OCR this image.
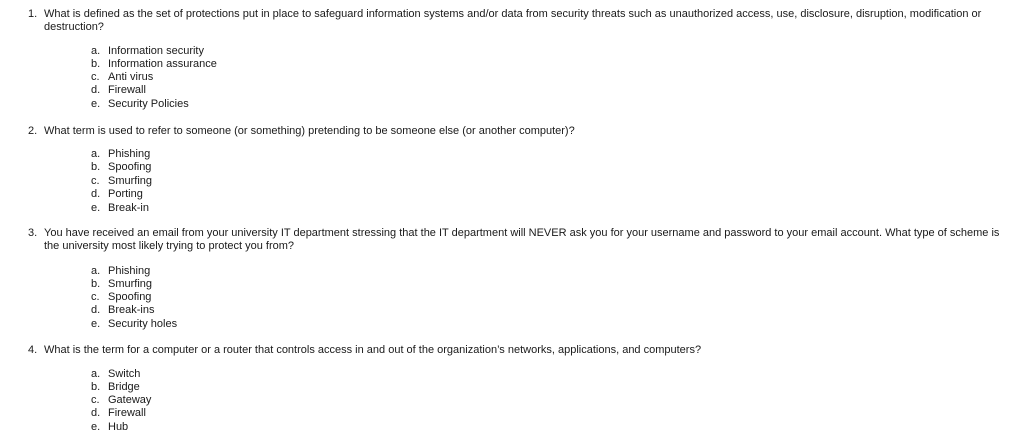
1. What is defined as the set of protections put in place to safeguard information systems and/or data from security threats such as unauthorized access, use, disclosure, disruption, modification or destruction?
a. Information security
b. Information assurance
c. Anti virus
d. Firewall
e. Security Policies
2. What term is used to refer to someone (or something) pretending to be someone else (or another computer)?
a. Phishing
b. Spoofing
c. Smurfing
d. Porting
e. Break-in
3. You have received an email from your university IT department stressing that the IT department will NEVER ask you for your username and password to your email account. What type of scheme is the university most likely trying to protect you from?
a. Phishing
b. Smurfing
c. Spoofing
d. Break-ins
e. Security holes
4. What is the term for a computer or a router that controls access in and out of the organization’s networks, applications, and computers?
a. Switch
b. Bridge
c. Gateway
d. Firewall
e. Hub
